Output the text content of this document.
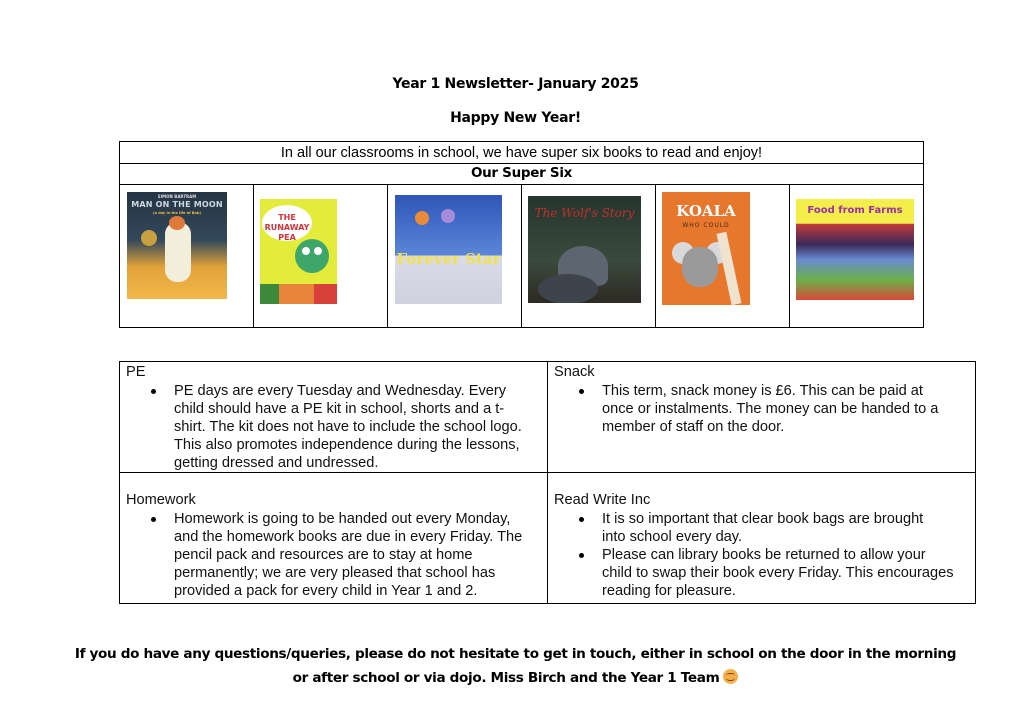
Year 1 Newsletter- January 2025
Happy New Year!
In all our classrooms in school, we have super six books to read and enjoy!
Our Super Six
SIMON BARTRAM
MAN ON THE MOON
(a day in the life of Bob)	THE RUNAWAY PEA
Forever Star
The Wolf's Story	KOALA
WHO COULD
Food from Farms
PE
PE days are every Tuesday and Wednesday. Every child should have a PE kit in school, shorts and a t-shirt. The kit does not have to include the school logo. This also promotes independence during the lessons, getting dressed and undressed.
Snack
This term, snack money is £6. This can be paid at once or instalments. The money can be handed to a member of staff on the door.
Homework
Homework is going to be handed out every Monday, and the homework books are due in every Friday. The pencil pack and resources are to stay at home permanently; we are very pleased that school has provided a pack for every child in Year 1 and 2.
Read Write Inc
It is so important that clear book bags are brought into school every day.
Please can library books be returned to allow your child to swap their book every Friday. This encourages reading for pleasure.
If you do have any questions/queries, please do not hesitate to get in touch, either in school on the door in the morning
or after school or via dojo. Miss Birch and the Year 1 Team
